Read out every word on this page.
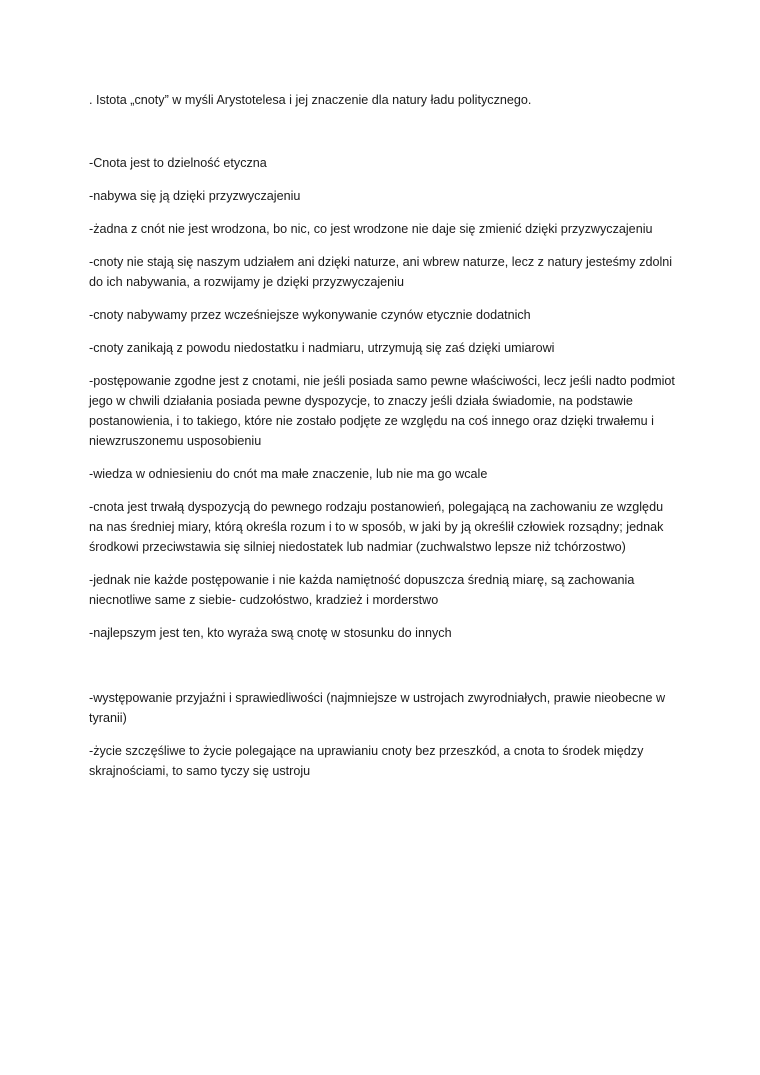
. Istota „cnoty” w myśli Arystotelesa i jej znaczenie dla natury ładu politycznego.

-Cnota jest to dzielność etyczna

-nabywa się ją dzięki przyzwyczajeniu

-żadna z cnót nie jest wrodzona, bo nic, co jest wrodzone nie daje się zmienić dzięki przyzwyczajeniu

-cnoty nie stają się naszym udziałem ani dzięki naturze, ani wbrew naturze, lecz z natury jesteśmy zdolni do ich nabywania, a rozwijamy je dzięki przyzwyczajeniu

-cnoty nabywamy przez wcześniejsze wykonywanie czynów etycznie dodatnich

-cnoty zanikają z powodu niedostatku i nadmiaru, utrzymują się zaś dzięki umiarowi

-postępowanie zgodne jest z cnotami, nie jeśli posiada samo pewne właściwości, lecz jeśli nadto podmiot jego w chwili działania posiada pewne dyspozycje, to znaczy jeśli działa świadomie, na podstawie postanowienia, i to takiego, które nie zostało podjęte ze względu na coś innego oraz dzięki trwałemu i niewzruszonemu usposobieniu

-wiedza w odniesieniu do cnót ma małe znaczenie, lub nie ma go wcale

-cnota jest trwałą dyspozycją do pewnego rodzaju postanowień, polegającą na zachowaniu ze względu na nas średniej miary, którą określa rozum i to w sposób, w jaki by ją określił człowiek rozsądny; jednak środkowi przeciwstawia się silniej niedostatek lub nadmiar (zuchwalstwo lepsze niż tchórzostwo)

-jednak nie każde postępowanie i nie każda namiętność dopuszcza średnią miarę, są zachowania niecnotliwe same z siebie- cudzołóstwo, kradzież i morderstwo

-najlepszym jest ten, kto wyraża swą cnotę w stosunku do innych

-występowanie przyjaźni i sprawiedliwości (najmniejsze w ustrojach zwyrodniałych, prawie nieobecne w tyranii)

-życie szczęśliwe to życie polegające na uprawianiu cnoty bez przeszkód, a cnota to środek między skrajnościami, to samo tyczy się ustroju
